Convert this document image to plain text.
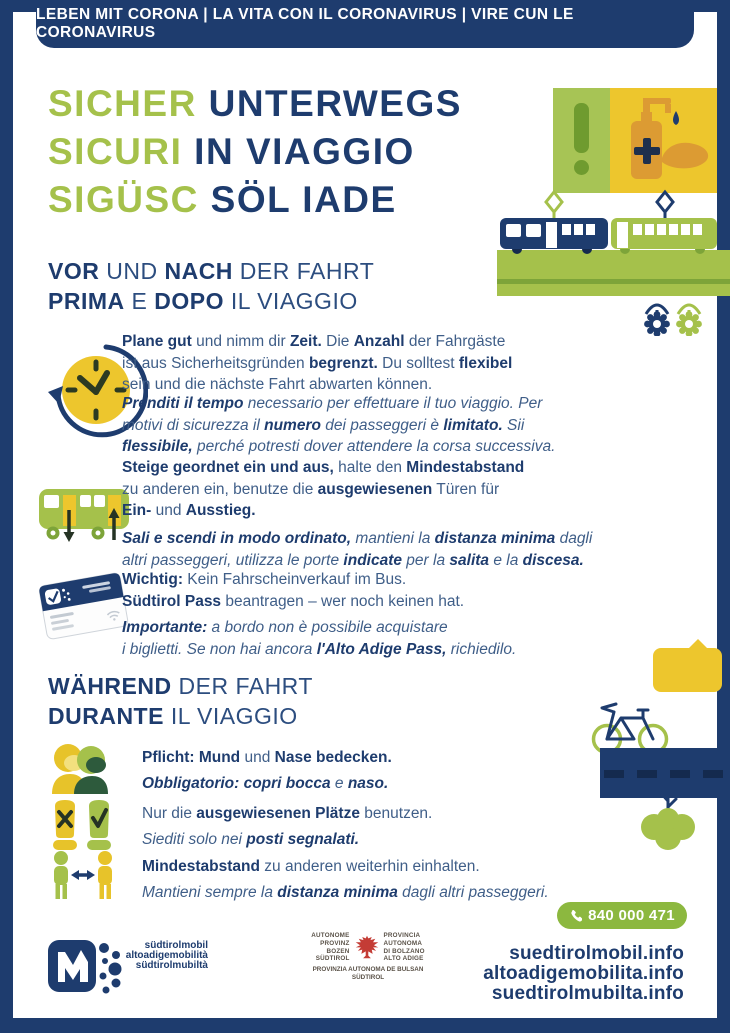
LEBEN MIT CORONA | LA VITA CON IL CORONAVIRUS | VIRE CUN LE CORONAVIRUS
SICHER UNTERWEGS
SICURI IN VIAGGIO
SIGÜSC SÖL IADE
VOR UND NACH DER FAHRT
PRIMA E DOPO IL VIAGGIO
Plane gut und nimm dir Zeit. Die Anzahl der Fahrgäste
ist aus Sicherheitsgründen begrenzt. Du solltest flexibel
sein und die nächste Fahrt abwarten können.
Prenditi il tempo necessario per effettuare il tuo viaggio. Per
motivi di sicurezza il numero dei passeggeri è limitato. Sii
flessibile, perché potresti dover attendere la corsa successiva.
Steige geordnet ein und aus, halte den Mindestabstand
zu anderen ein, benutze die ausgewiesenen Türen für
Ein- und Ausstieg.
Sali e scendi in modo ordinato, mantieni la distanza minima dagli
altri passeggeri, utilizza le porte indicate per la salita e la discesa.
Wichtig: Kein Fahrscheinverkauf im Bus.
Südtirol Pass beantragen – wer noch keinen hat.
Importante: a bordo non è possibile acquistare
i biglietti. Se non hai ancora l'Alto Adige Pass, richiedilo.
WÄHREND DER FAHRT
DURANTE IL VIAGGIO
Pflicht: Mund und Nase bedecken.
Obbligatorio: copri bocca e naso.
Nur die ausgewiesenen Plätze benutzen.
Siediti solo nei posti segnalati.
Mindestabstand zu anderen weiterhin einhalten.
Mantieni sempre la distanza minima dagli altri passeggeri.
840 000 471
südtirolmobil
altoadigemobilità
südtirolmubiltà
AUTONOME
PROVINZ
BOZEN
SÜDTIROL
PROVINCIA
AUTONOMA
DI BOLZANO
ALTO ADIGE
PROVINZIA AUTONOMA DE BULSAN
SÜDTIROL
suedtirolmobil.info
altoadigemobilita.info
suedtirolmubilta.info
